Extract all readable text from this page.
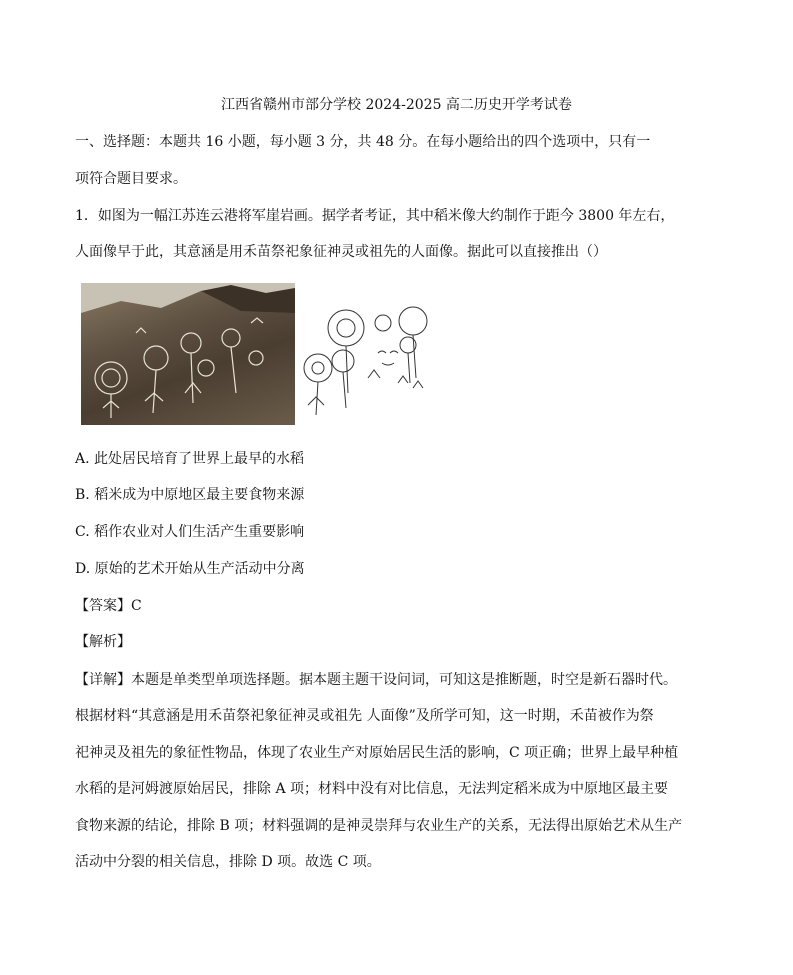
江西省赣州市部分学校 2024-2025 高二历史开学考试卷
一、选择题：本题共 16 小题，每小题 3 分，共 48 分。在每小题给出的四个选项中，只有一
项符合题目要求。
1．如图为一幅江苏连云港将军崖岩画。据学者考证，其中稻米像大约制作于距今 3800 年左右，
人面像早于此，其意涵是用禾苗祭祀象征神灵或祖先的人面像。据此可以直接推出（）
A. 此处居民培育了世界上最早的水稻
B. 稻米成为中原地区最主要食物来源
C. 稻作农业对人们生活产生重要影响
D. 原始的艺术开始从生产活动中分离
【答案】C
【解析】
【详解】本题是单类型单项选择题。据本题主题干设问词，可知这是推断题，时空是新石器时代。
根据材料“其意涵是用禾苗祭祀象征神灵或祖先 人面像”及所学可知，这一时期，禾苗被作为祭
祀神灵及祖先的象征性物品，体现了农业生产对原始居民生活的影响，C 项正确；世界上最早种植
水稻的是河姆渡原始居民，排除 A 项；材料中没有对比信息，无法判定稻米成为中原地区最主要
食物来源的结论，排除 B 项；材料强调的是神灵崇拜与农业生产的关系，无法得出原始艺术从生产
活动中分裂的相关信息，排除 D 项。故选 C 项。
